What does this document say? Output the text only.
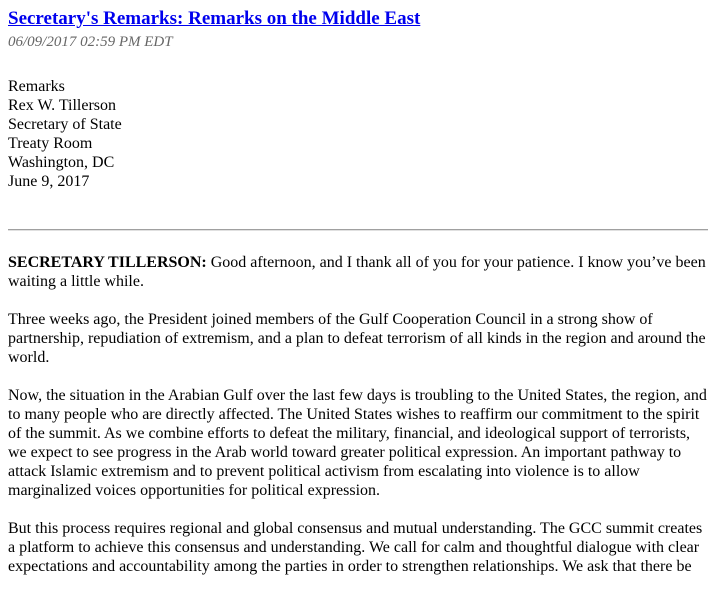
Secretary's Remarks: Remarks on the Middle East
06/09/2017 02:59 PM EDT
Remarks
Rex W. Tillerson
Secretary of State
Treaty Room
Washington, DC
June 9, 2017

SECRETARY TILLERSON: Good afternoon, and I thank all of you for your patience. I know you’ve been waiting a little while.

Three weeks ago, the President joined members of the Gulf Cooperation Council in a strong show of partnership, repudiation of extremism, and a plan to defeat terrorism of all kinds in the region and around the world.

Now, the situation in the Arabian Gulf over the last few days is troubling to the United States, the region, and to many people who are directly affected. The United States wishes to reaffirm our commitment to the spirit of the summit. As we combine efforts to defeat the military, financial, and ideological support of terrorists, we expect to see progress in the Arab world toward greater political expression. An important pathway to attack Islamic extremism and to prevent political activism from escalating into violence is to allow marginalized voices opportunities for political expression.

But this process requires regional and global consensus and mutual understanding. The GCC summit creates a platform to achieve this consensus and understanding. We call for calm and thoughtful dialogue with clear expectations and accountability among the parties in order to strengthen relationships. We ask that there be
